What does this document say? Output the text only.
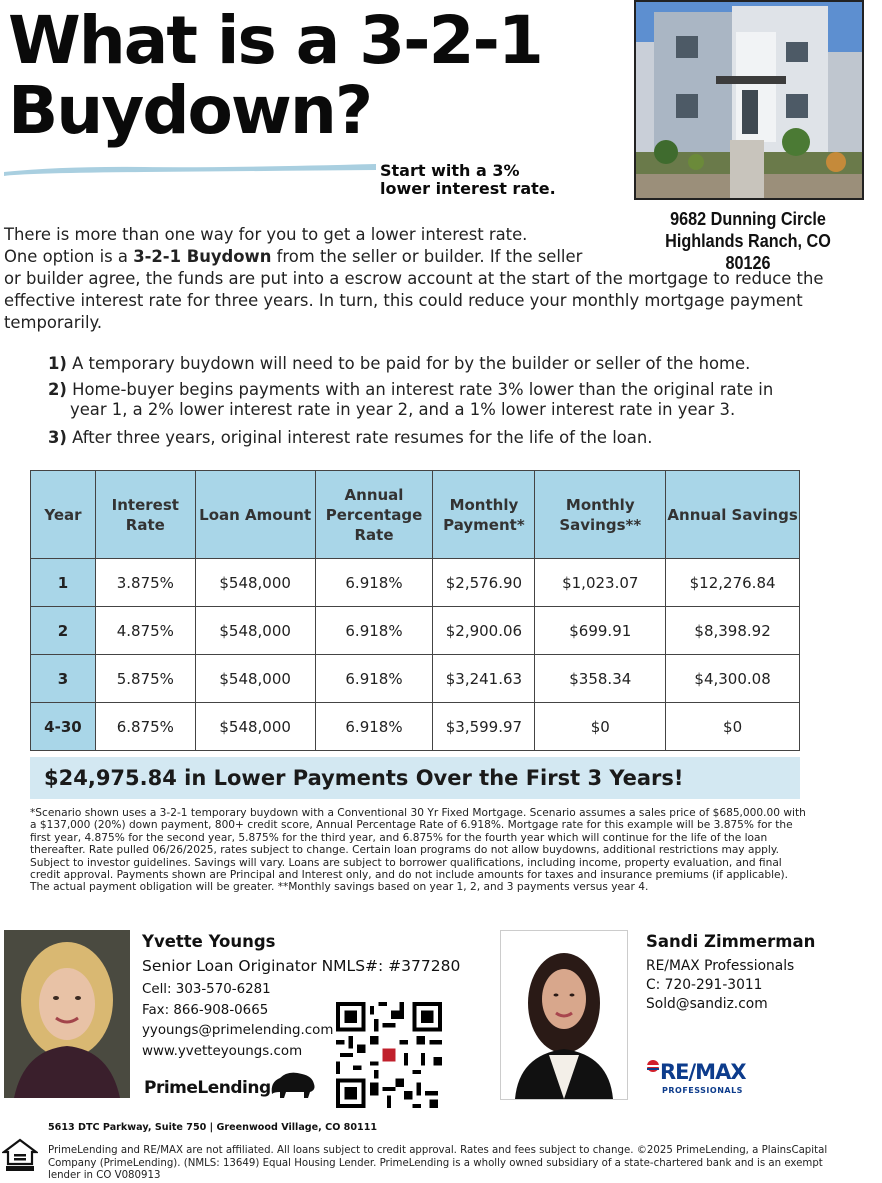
What is a 3-2-1
Buydown?
Start with a 3%
lower interest rate.
9682 Dunning Circle
Highlands Ranch, CO 80126
There is more than one way for you to get a lower interest rate.
One option is a 3-2-1 Buydown from the seller or builder. If the seller
or builder agree, the funds are put into a escrow account at the start of the mortgage to reduce the effective interest rate for three years. In turn, this could reduce your monthly mortgage payment temporarily.
1) A temporary buydown will need to be paid for by the builder or seller of the home.
2) Home-buyer begins payments with an interest rate 3% lower than the original rate in
year 1, a 2% lower interest rate in year 2, and a 1% lower interest rate in year 3.
3) After three years, original interest rate resumes for the life of the loan.
Year	Interest Rate	Loan Amount	Annual Percentage Rate	Monthly Payment*	Monthly Savings**	Annual Savings
1	3.875%	$548,000	6.918%	$2,576.90	$1,023.07	$12,276.84
2	4.875%	$548,000	6.918%	$2,900.06	$699.91	$8,398.92
3	5.875%	$548,000	6.918%	$3,241.63	$358.34	$4,300.08
4-30	6.875%	$548,000	6.918%	$3,599.97	$0	$0
$24,975.84 in Lower Payments Over the First 3 Years!
*Scenario shown uses a 3-2-1 temporary buydown with a Conventional 30 Yr Fixed Mortgage. Scenario assumes a sales price of $685,000.00 with a $137,000 (20%) down payment, 800+ credit score, Annual Percentage Rate of 6.918%. Mortgage rate for this example will be 3.875% for the first year, 4.875% for the second year, 5.875% for the third year, and 6.875% for the fourth year which will continue for the life of the loan thereafter. Rate pulled 06/26/2025, rates subject to change. Certain loan programs do not allow buydowns, additional restrictions may apply. Subject to investor guidelines. Savings will vary. Loans are subject to borrower qualifications, including income, property evaluation, and final credit approval. Payments shown are Principal and Interest only, and do not include amounts for taxes and insurance premiums (if applicable). The actual payment obligation will be greater. **Monthly savings based on year 1, 2, and 3 payments versus year 4.
Yvette Youngs
Senior Loan Originator NMLS#: #377280
Cell: 303-570-6281
Fax: 866-908-0665
yyoungs@primelending.com
www.yvetteyoungs.com
PrimeLending
Sandi Zimmerman
RE/MAX Professionals
C: 720-291-3011
Sold@sandiz.com
RE/MAX
PROFESSIONALS
5613 DTC Parkway, Suite 750 | Greenwood Village, CO 80111
PrimeLending and RE/MAX are not affiliated. All loans subject to credit approval. Rates and fees subject to change. ©2025 PrimeLending, a PlainsCapital Company (PrimeLending). (NMLS: 13649) Equal Housing Lender. PrimeLending is a wholly owned subsidiary of a state-chartered bank and is an exempt lender in CO V080913
